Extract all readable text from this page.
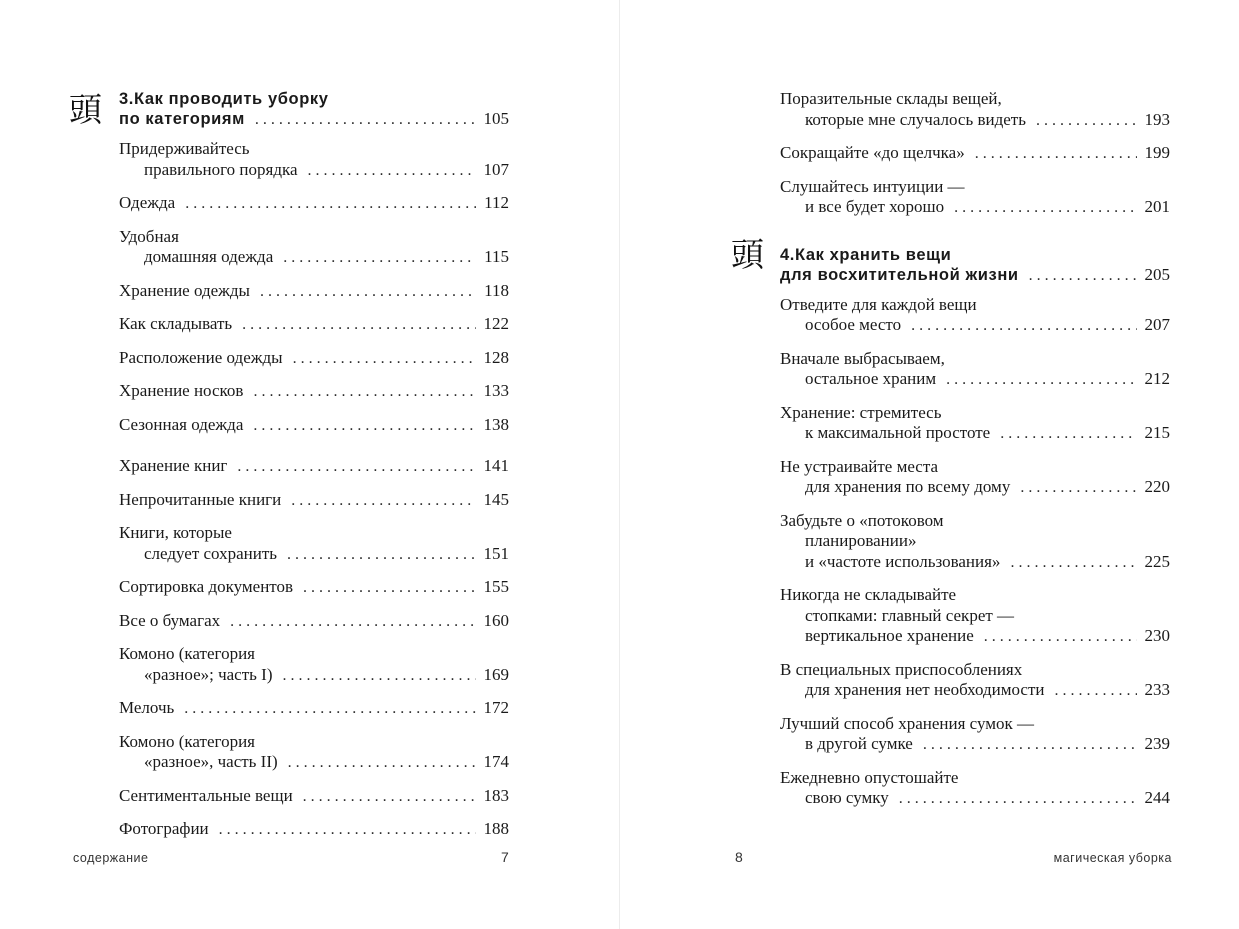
頭 3.Как проводить уборку
по категориям . . .	105
Придерживайтесь
правильного порядка . . .	107
Одежда . . .	112
Удобная
домашняя одежда . . .	115
Хранение одежды . . .	118
Как складывать . . .	122
Расположение одежды . . .	128
Хранение носков . . .	133
Сезонная одежда . . .	138
Хранение книг . . .	141
Непрочитанные книги . . .	145
Книги, которые
следует сохранить . . .	151
Сортировка документов . . .	155
Все о бумагах . . .	160
Комоно (категория
«разное»; часть I) . . .	169
Мелочь . . .	172
Комоно (категория
«разное», часть II) . . .	174
Сентиментальные вещи . . .	183
Фотографии . . .	188
содержание	7
頭
Поразительные склады вещей,
которые мне случалось видеть . . .	193
Сокращайте «до щелчка» . . .	199
Слушайтесь интуиции —
и все будет хорошо . . .	201
4.Как хранить вещи
для восхитительной жизни . . .	205
Отведите для каждой вещи
особое место . . .	207
Вначале выбрасываем,
остальное храним . . .	212
Хранение: стремитесь
к максимальной простоте . . .	215
Не устраивайте места
для хранения по всему дому . . .	220
Забудьте о «потоковом
планировании»
и «частоте использования» . . .	225
Никогда не складывайте
стопками: главный секрет —
вертикальное хранение . . .	230
В специальных приспособлениях
для хранения нет необходимости . . .	233
Лучший способ хранения сумок —
в другой сумке . . .	239
Ежедневно опустошайте
свою сумку . . .	244
8	магическая уборка
